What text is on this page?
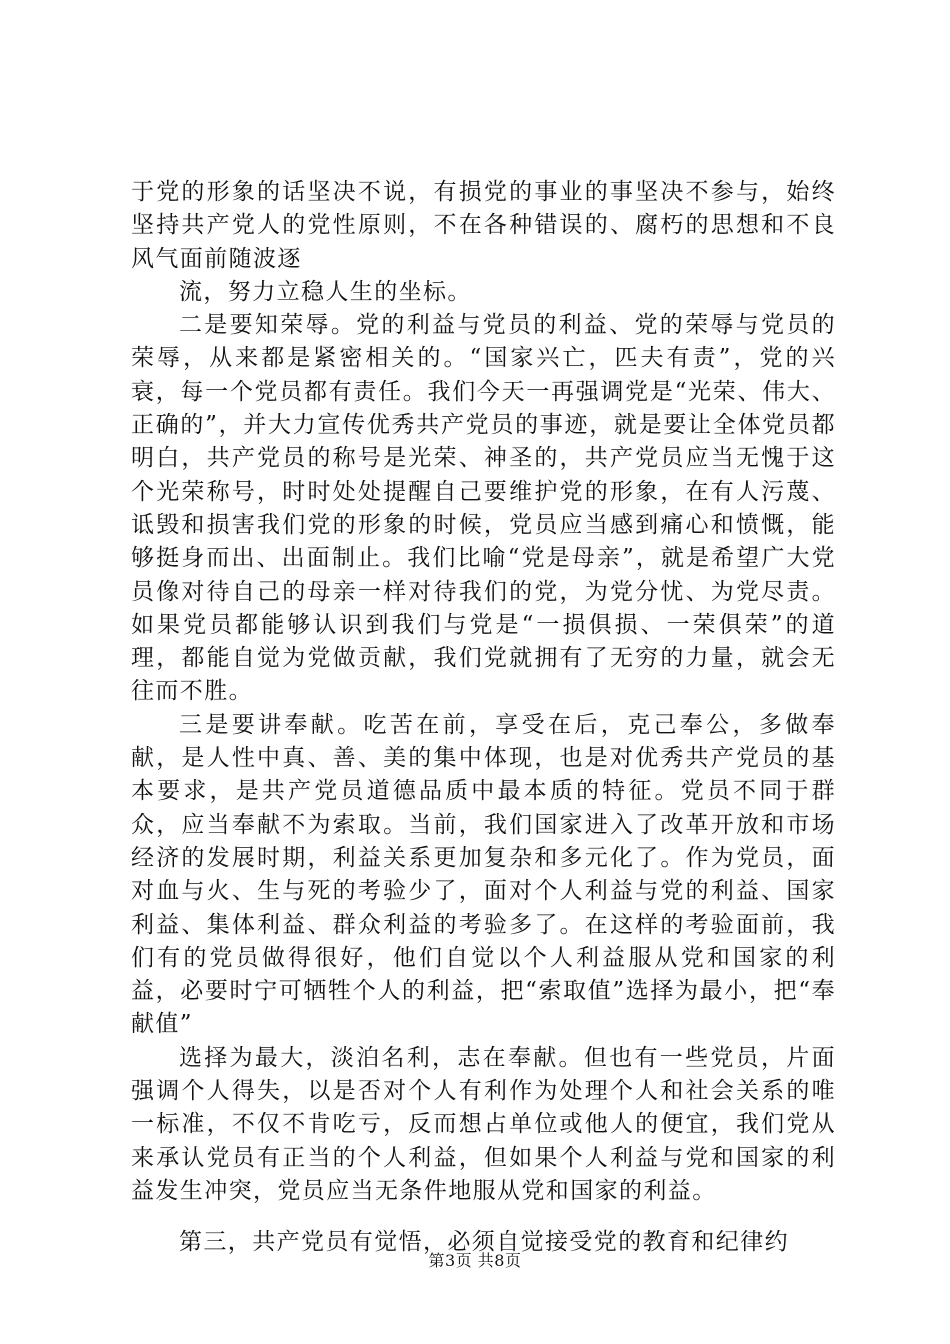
于党的形象的话坚决不说，有损党的事业的事坚决不参与，始终坚持共产党人的党性原则，不在各种错误的、腐朽的思想和不良风气面前随波逐

流，努力立稳人生的坐标。

二是要知荣辱。党的利益与党员的利益、党的荣辱与党员的荣辱，从来都是紧密相关的。“国家兴亡，匹夫有责”，党的兴衰，每一个党员都有责任。我们今天一再强调党是“光荣、伟大、正确的”，并大力宣传优秀共产党员的事迹，就是要让全体党员都明白，共产党员的称号是光荣、神圣的，共产党员应当无愧于这个光荣称号，时时处处提醒自己要维护党的形象，在有人污蔑、诋毁和损害我们党的形象的时候，党员应当感到痛心和愤慨，能够挺身而出、出面制止。我们比喻“党是母亲”，就是希望广大党员像对待自己的母亲一样对待我们的党，为党分忧、为党尽责。如果党员都能够认识到我们与党是“一损俱损、一荣俱荣”的道理，都能自觉为党做贡献，我们党就拥有了无穷的力量，就会无往而不胜。

三是要讲奉献。吃苦在前，享受在后，克己奉公，多做奉献，是人性中真、善、美的集中体现，也是对优秀共产党员的基本要求，是共产党员道德品质中最本质的特征。党员不同于群众，应当奉献不为索取。当前，我们国家进入了改革开放和市场经济的发展时期，利益关系更加复杂和多元化了。作为党员，面对血与火、生与死的考验少了，面对个人利益与党的利益、国家利益、集体利益、群众利益的考验多了。在这样的考验面前，我们有的党员做得很好，他们自觉以个人利益服从党和国家的利益，必要时宁可牺牲个人的利益，把“索取值”选择为最小，把“奉献值”

选择为最大，淡泊名利，志在奉献。但也有一些党员，片面强调个人得失，以是否对个人有利作为处理个人和社会关系的唯一标准，不仅不肯吃亏，反而想占单位或他人的便宜，我们党从来承认党员有正当的个人利益，但如果个人利益与党和国家的利益发生冲突，党员应当无条件地服从党和国家的利益。

第三，共产党员有觉悟，必须自觉接受党的教育和纪律约

第3页 共8页
